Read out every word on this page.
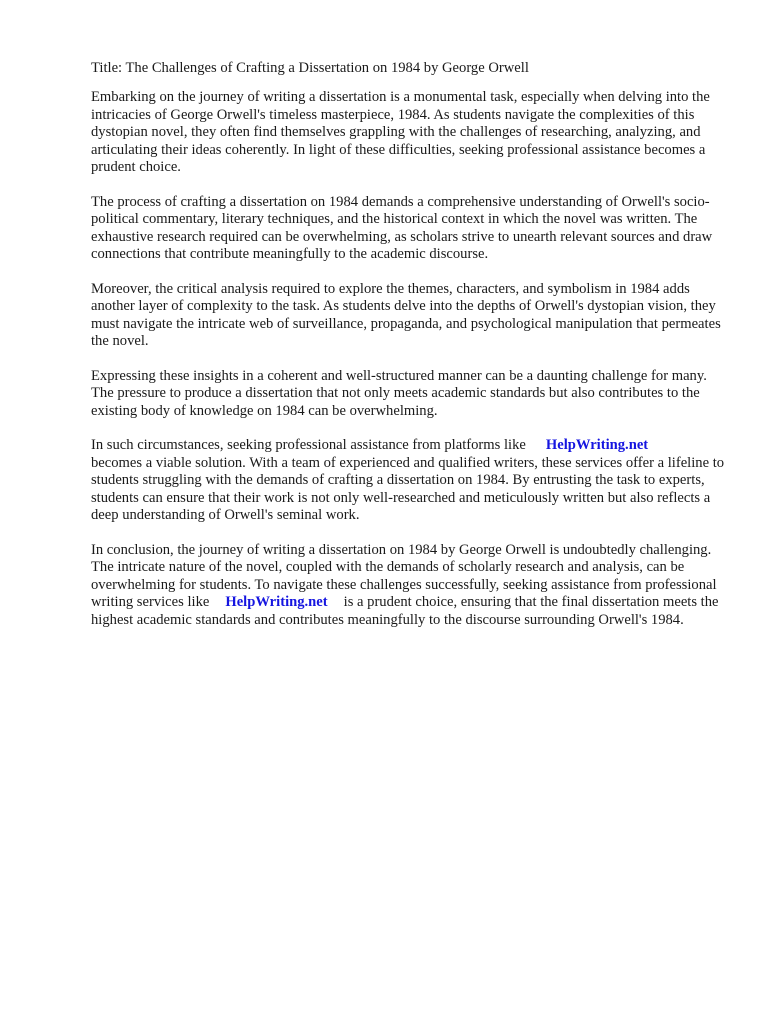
Title: The Challenges of Crafting a Dissertation on 1984 by George Orwell

Embarking on the journey of writing a dissertation is a monumental task, especially when delving into the intricacies of George Orwell's timeless masterpiece, 1984. As students navigate the complexities of this dystopian novel, they often find themselves grappling with the challenges of researching, analyzing, and articulating their ideas coherently. In light of these difficulties, seeking professional assistance becomes a prudent choice.

The process of crafting a dissertation on 1984 demands a comprehensive understanding of Orwell's socio-political commentary, literary techniques, and the historical context in which the novel was written. The exhaustive research required can be overwhelming, as scholars strive to unearth relevant sources and draw connections that contribute meaningfully to the academic discourse.

Moreover, the critical analysis required to explore the themes, characters, and symbolism in 1984 adds another layer of complexity to the task. As students delve into the depths of Orwell's dystopian vision, they must navigate the intricate web of surveillance, propaganda, and psychological manipulation that permeates the novel.

Expressing these insights in a coherent and well-structured manner can be a daunting challenge for many. The pressure to produce a dissertation that not only meets academic standards but also contributes to the existing body of knowledge on 1984 can be overwhelming.

In such circumstances, seeking professional assistance from platforms like HelpWriting.net
becomes a viable solution. With a team of experienced and qualified writers, these services offer a lifeline to students struggling with the demands of crafting a dissertation on 1984. By entrusting the task to experts, students can ensure that their work is not only well-researched and meticulously written but also reflects a deep understanding of Orwell's seminal work.

In conclusion, the journey of writing a dissertation on 1984 by George Orwell is undoubtedly challenging. The intricate nature of the novel, coupled with the demands of scholarly research and analysis, can be overwhelming for students. To navigate these challenges successfully, seeking assistance from professional writing services like HelpWriting.net is a prudent choice, ensuring that the final dissertation meets the highest academic standards and contributes meaningfully to the discourse surrounding Orwell's 1984.
